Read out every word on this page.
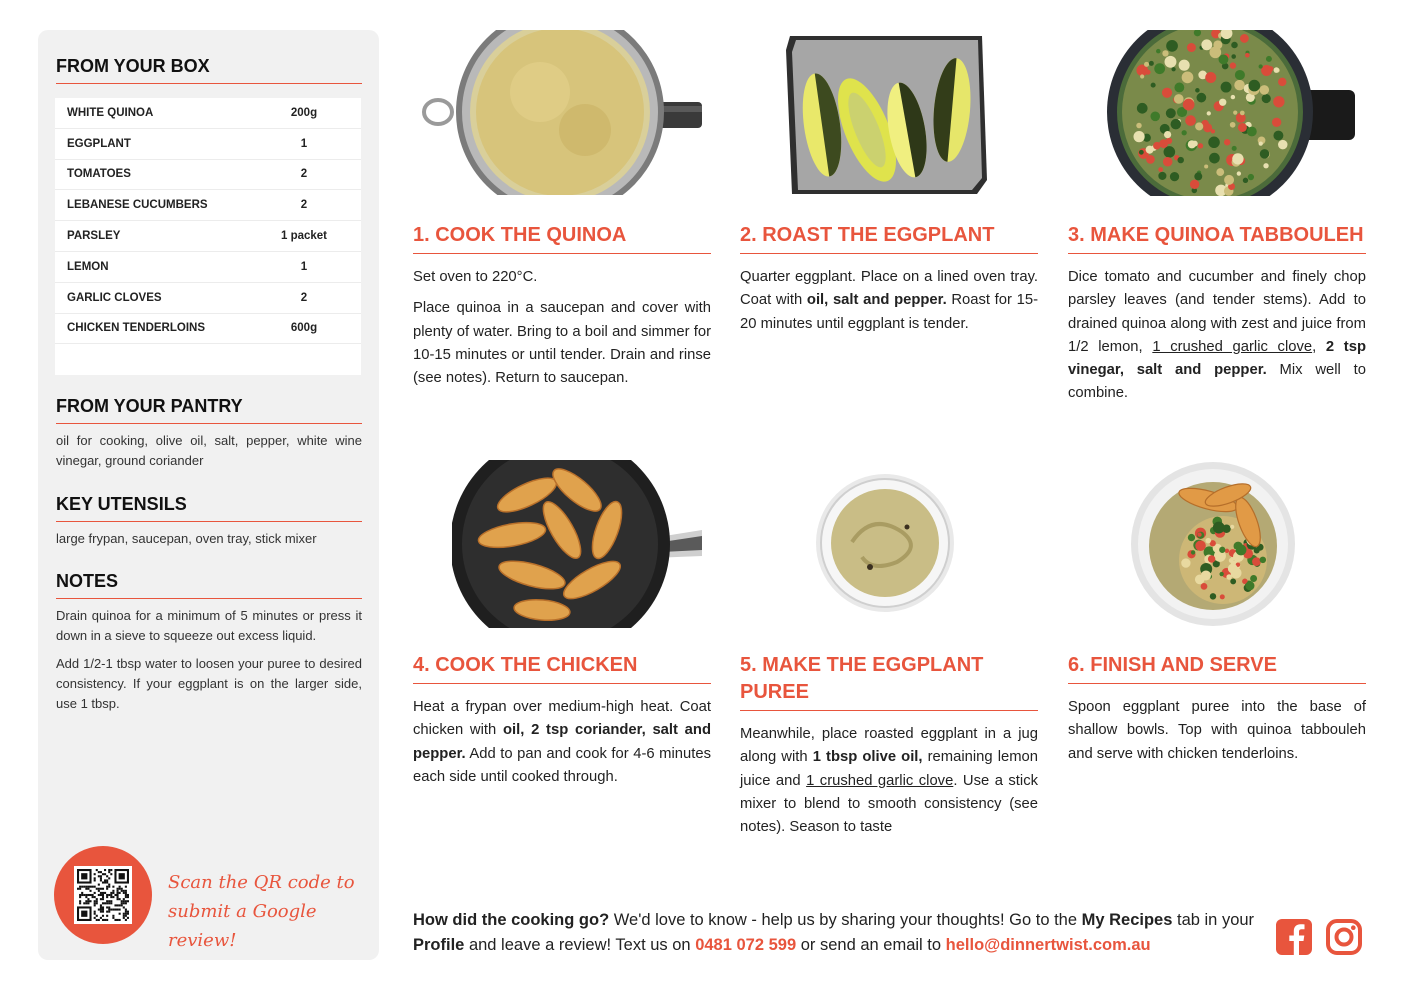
FROM YOUR BOX
WHITE QUINOA	200g
EGGPLANT	1
TOMATOES	2
LEBANESE CUCUMBERS	2
PARSLEY	1 packet
LEMON	1
GARLIC CLOVES	2
CHICKEN TENDERLOINS	600g
FROM YOUR PANTRY
oil for cooking, olive oil, salt, pepper, white wine vinegar, ground coriander
KEY UTENSILS
large frypan, saucepan, oven tray, stick mixer
NOTES
Drain quinoa for a minimum of 5 minutes or press it down in a sieve to squeeze out excess liquid.
Add 1/2-1 tbsp water to loosen your puree to desired consistency. If your eggplant is on the larger side, use 1 tbsp.
Scan the QR code to
submit a Google review!
1. COOK THE QUINOA

Set oven to 220°C.

Place quinoa in a saucepan and cover with plenty of water. Bring to a boil and simmer for 10-15 minutes or until tender. Drain and rinse (see notes). Return to saucepan.

2. ROAST THE EGGPLANT

Quarter eggplant. Place on a lined oven tray. Coat with oil, salt and pepper. Roast for 15-20 minutes until eggplant is tender.

3. MAKE QUINOA TABBOULEH

Dice tomato and cucumber and finely chop parsley leaves (and tender stems). Add to drained quinoa along with zest and juice from 1/2 lemon, 1 crushed garlic clove, 2 tsp vinegar, salt and pepper. Mix well to combine.

4. COOK THE CHICKEN

Heat a frypan over medium-high heat. Coat chicken with oil, 2 tsp coriander, salt and pepper. Add to pan and cook for 4-6 minutes each side until cooked through.

5. MAKE THE EGGPLANT PUREE

Meanwhile, place roasted eggplant in a jug along with 1 tbsp olive oil, remaining lemon juice and 1 crushed garlic clove. Use a stick mixer to blend to smooth consistency (see notes). Season to taste

6. FINISH AND SERVE

Spoon eggplant puree into the base of shallow bowls. Top with quinoa tabbouleh and serve with chicken tenderloins.

How did the cooking go? We'd love to know - help us by sharing your thoughts! Go to the My Recipes tab in your Profile and leave a review! Text us on 0481 072 599 or send an email to hello@dinnertwist.com.au
